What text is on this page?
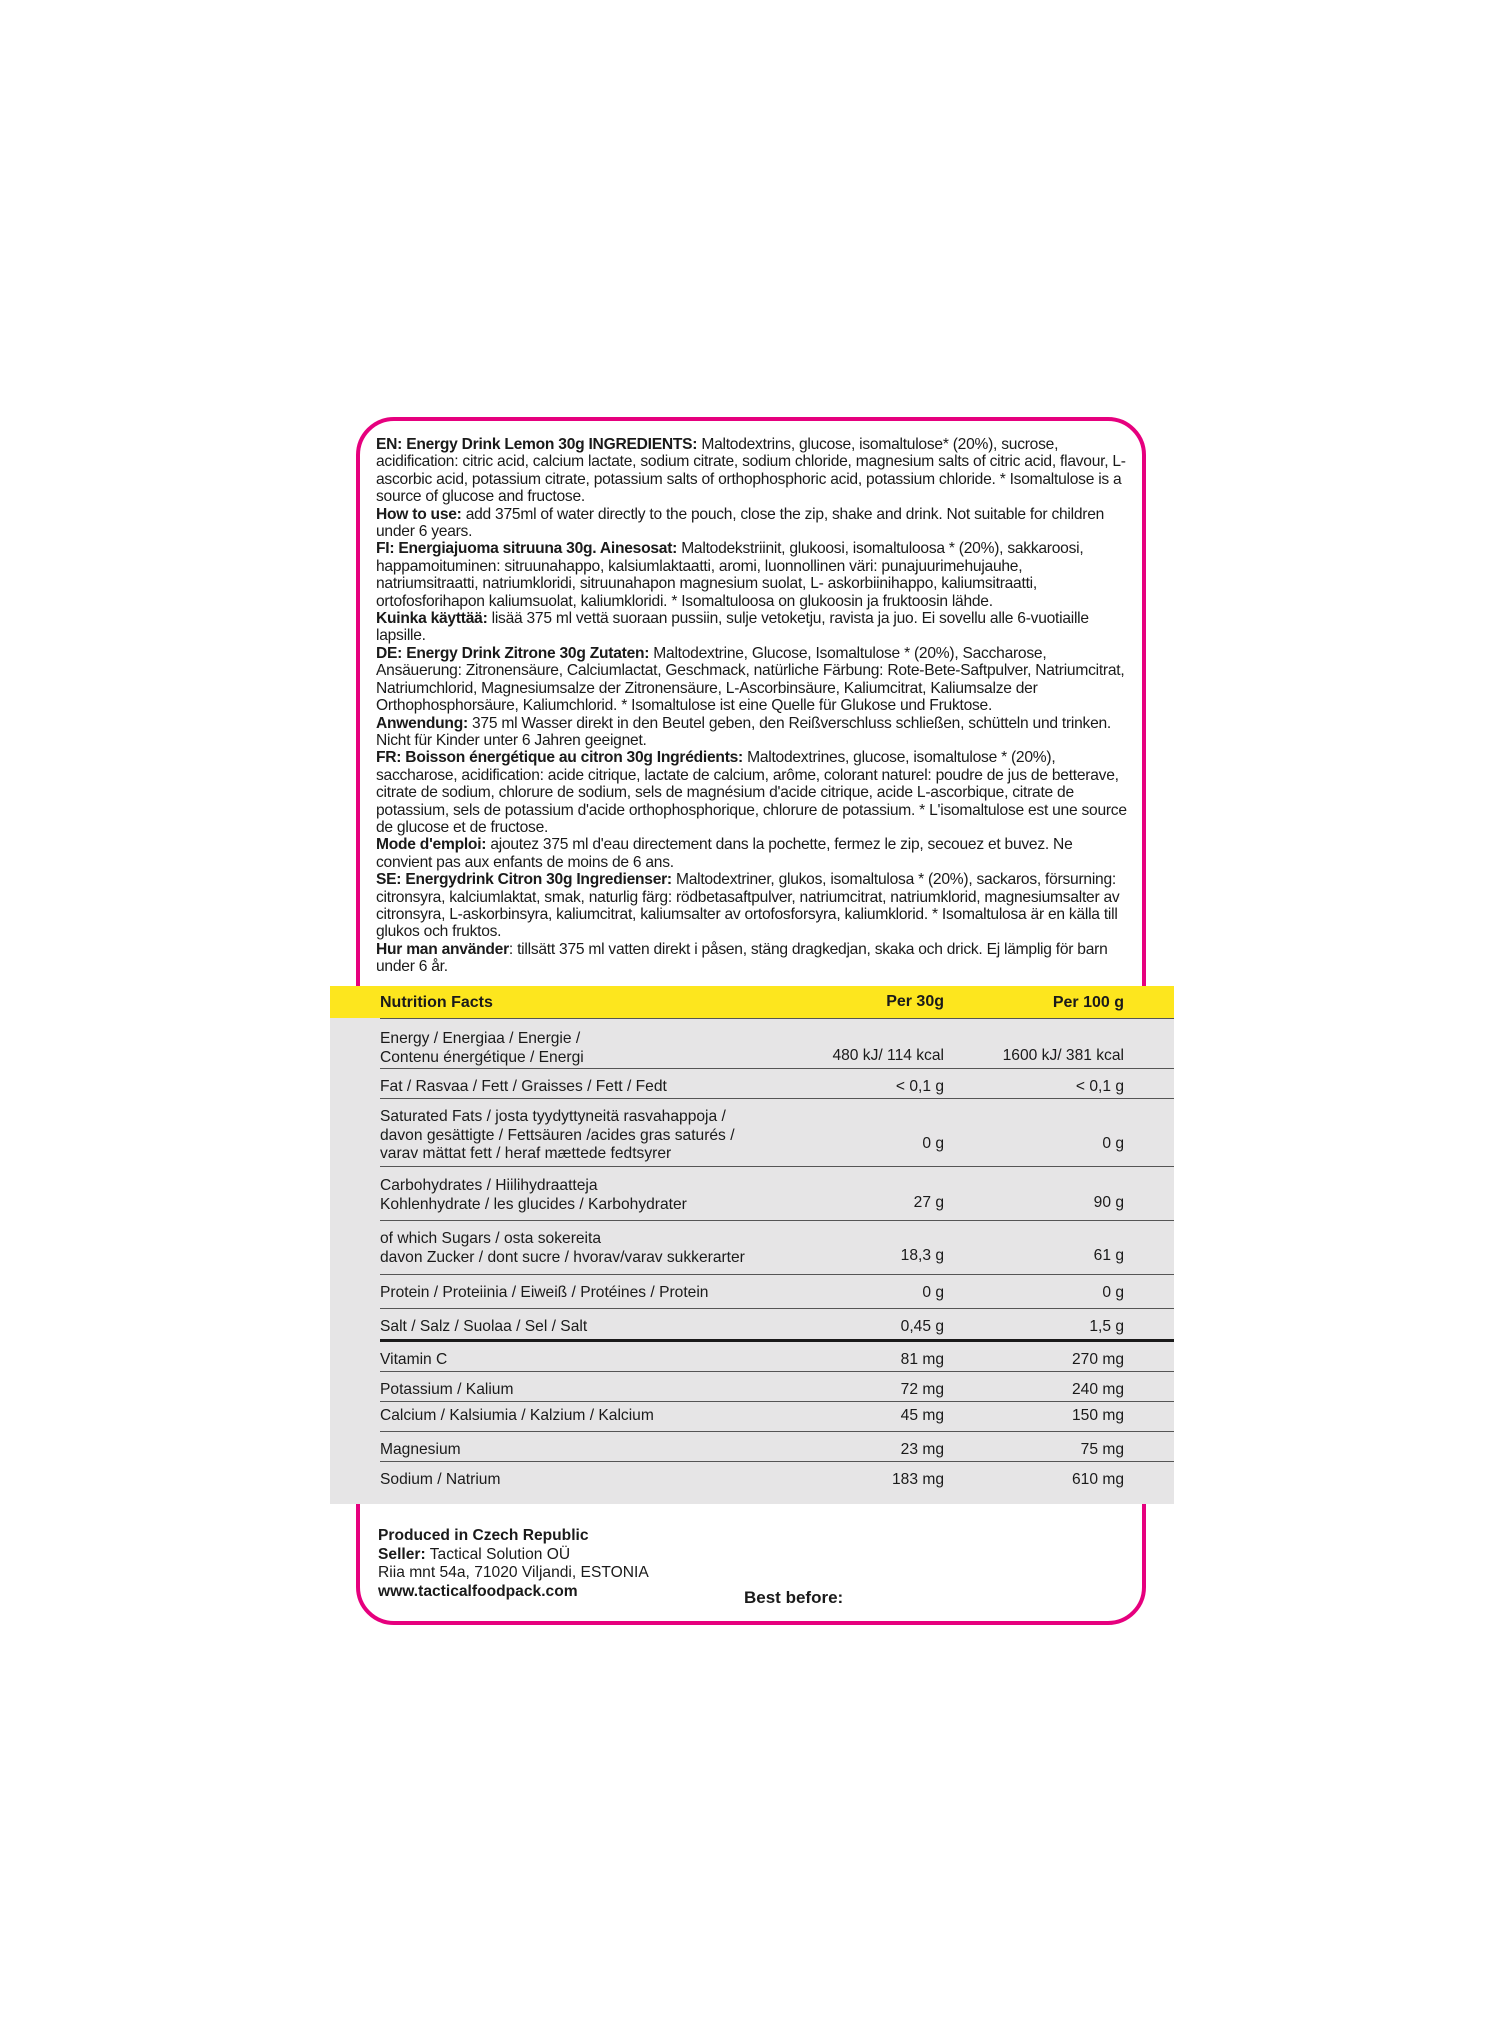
EN: Energy Drink Lemon 30g INGREDIENTS: Maltodextrins, glucose, isomaltulose* (20%), sucrose, acidification: citric acid, calcium lactate, sodium citrate, sodium chloride, magnesium salts of citric acid, flavour, L- ascorbic acid, potassium citrate, potassium salts of orthophosphoric acid, potassium chloride. * Isomaltulose is a source of glucose and fructose.

How to use: add 375ml of water directly to the pouch, close the zip, shake and drink. Not suitable for children under 6 years.

FI: Energiajuoma sitruuna 30g. Ainesosat: Maltodekstriinit, glukoosi, isomaltuloosa * (20%), sakkaroosi, happamoituminen: sitruunahappo, kalsiumlaktaatti, aromi, luonnollinen väri: punajuurimehujauhe, natriumsitraatti, natriumkloridi, sitruunahapon magnesium suolat, L- askorbiinihappo, kaliumsitraatti, ortofosforihapon kaliumsuolat, kaliumkloridi. * Isomaltuloosa on glukoosin ja fruktoosin lähde.

Kuinka käyttää: lisää 375 ml vettä suoraan pussiin, sulje vetoketju, ravista ja juo. Ei sovellu alle 6-vuotiaille lapsille.

DE: Energy Drink Zitrone 30g Zutaten: Maltodextrine, Glucose, Isomaltulose * (20%), Saccharose, Ansäuerung: Zitronensäure, Calciumlactat, Geschmack, natürliche Färbung: Rote-Bete-Saftpulver, Natriumcitrat, Natriumchlorid, Magnesiumsalze der Zitronensäure, L-Ascorbinsäure, Kaliumcitrat, Kaliumsalze der Orthophosphorsäure, Kaliumchlorid. * Isomaltulose ist eine Quelle für Glukose und Fruktose.

Anwendung: 375 ml Wasser direkt in den Beutel geben, den Reißverschluss schließen, schütteln und trinken. Nicht für Kinder unter 6 Jahren geeignet.

FR: Boisson énergétique au citron 30g Ingrédients: Maltodextrines, glucose, isomaltulose * (20%), saccharose, acidification: acide citrique, lactate de calcium, arôme, colorant naturel: poudre de jus de betterave, citrate de sodium, chlorure de sodium, sels de magnésium d'acide citrique, acide L-ascorbique, citrate de potassium, sels de potassium d'acide orthophosphorique, chlorure de potassium. * L'isomaltulose est une source de glucose et de fructose.

Mode d'emploi: ajoutez 375 ml d'eau directement dans la pochette, fermez le zip, secouez et buvez. Ne convient pas aux enfants de moins de 6 ans.

SE: Energydrink Citron 30g Ingredienser: Maltodextriner, glukos, isomaltulosa * (20%), sackaros, försurning: citronsyra, kalciumlaktat, smak, naturlig färg: rödbetasaftpulver, natriumcitrat, natriumklorid, magnesiumsalter av citronsyra, L-askorbinsyra, kaliumcitrat, kaliumsalter av ortofosforsyra, kaliumklorid. * Isomaltulosa är en källa till glukos och fruktos.

Hur man använder: tillsätt 375 ml vatten direkt i påsen, stäng dragkedjan, skaka och drick. Ej lämplig för barn under 6 år.

Nutrition Facts	Per 30g	Per 100 g
Energy / Energiaa / Energie /
Contenu énergétique / Energi	480 kJ/ 114 kcal	1600 kJ/ 381 kcal
Fat / Rasvaa / Fett / Graisses / Fett / Fedt	< 0,1 g	< 0,1 g
Saturated Fats / josta tyydyttyneitä rasvahappoja /
davon gesättigte / Fettsäuren /acides gras saturés /
varav mättat fett / heraf mættede fedtsyrer
0 g	0 g
Carbohydrates / Hiilihydraatteja
Kohlenhydrate / les glucides / Karbohydrater	27 g	90 g
of which Sugars / osta sokereita
davon Zucker / dont sucre / hvorav/varav sukkerarter	18,3 g	61 g
Protein / Proteiinia / Eiweiß / Protéines / Protein	0 g	0 g
Salt / Salz / Suolaa / Sel / Salt	0,45 g	1,5 g
Vitamin C	81 mg	270 mg
Potassium / Kalium	72 mg	240 mg
Calcium / Kalsiumia / Kalzium / Kalcium	45 mg	150 mg
Magnesium	23 mg	75 mg
Sodium / Natrium	183 mg	610 mg
Produced in Czech Republic
Seller: Tactical Solution OÜ
Riia mnt 54a, 71020 Viljandi, ESTONIA
www.tacticalfoodpack.com	Best before:
